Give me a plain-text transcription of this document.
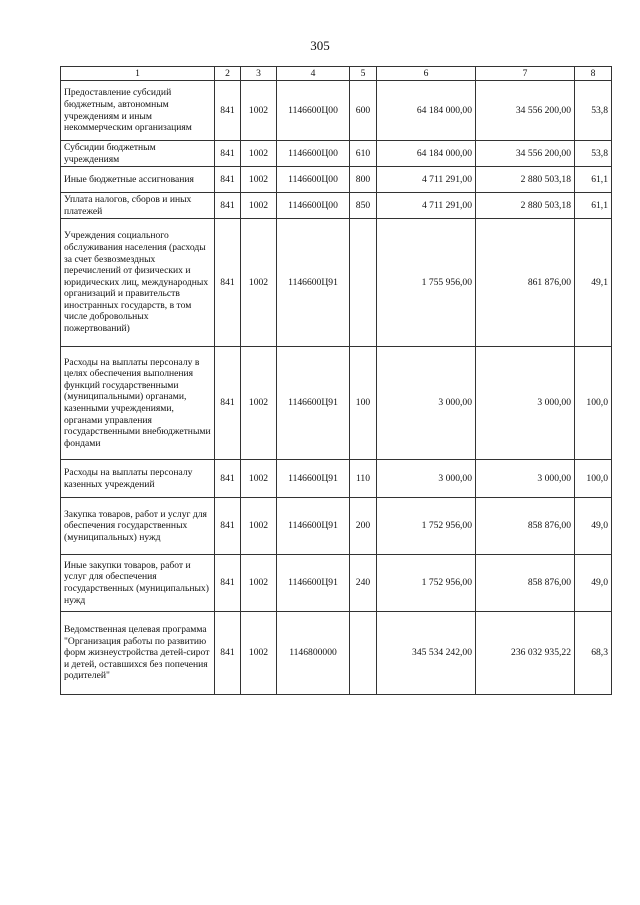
305
1	2	3	4	5	6	7	8
Предоставление субсидий бюджетным, автономным учреждениям и иным некоммерческим организациям	841	1002	1146600Ц00	600	64 184 000,00	34 556 200,00	53,8
Субсидии бюджетным учреждениям	841	1002	1146600Ц00	610	64 184 000,00	34 556 200,00	53,8
Иные бюджетные ассигнования	841	1002	1146600Ц00	800	4 711 291,00	2 880 503,18	61,1
Уплата налогов, сборов и иных платежей	841	1002	1146600Ц00	850	4 711 291,00	2 880 503,18	61,1
Учреждения социального обслуживания населения (расходы за счет безвозмездных перечислений от физических и юридических лиц, международных организаций и правительств иностранных государств, в том числе добровольных пожертвований)	841	1002	1146600Ц91		1 755 956,00	861 876,00	49,1
Расходы на выплаты персоналу в целях обеспечения выполнения функций государственными (муниципальными) органами, казенными учреждениями, органами управления государственными внебюджетными фондами	841	1002	1146600Ц91	100	3 000,00	3 000,00	100,0
Расходы на выплаты персоналу казенных учреждений	841	1002	1146600Ц91	110	3 000,00	3 000,00	100,0
Закупка товаров, работ и услуг для обеспечения государственных (муниципальных) нужд	841	1002	1146600Ц91	200	1 752 956,00	858 876,00	49,0
Иные закупки товаров, работ и услуг для обеспечения государственных (муниципальных) нужд	841	1002	1146600Ц91	240	1 752 956,00	858 876,00	49,0
Ведомственная целевая программа "Организация работы по развитию форм жизнеустройства детей-сирот и детей, оставшихся без попечения родителей"	841	1002	1146800000		345 534 242,00	236 032 935,22	68,3
